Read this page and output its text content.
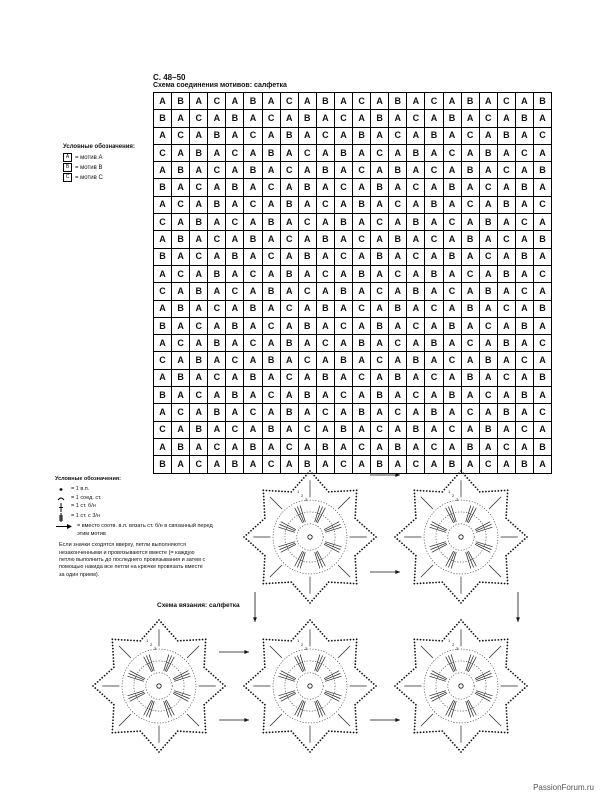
С. 48–50
Схема соединения мотивов: салфетка
A	B	A	C	A	B	A	C	A	B	A	C	A	B	A	C	A	B	A	C	A	B
B	A	C	A	B	A	C	A	B	A	C	A	B	A	C	A	B	A	C	A	B	A
A	C	A	B	A	C	A	B	A	C	A	B	A	C	A	B	A	C	A	B	A	C
C	A	B	A	C	A	B	A	C	A	B	A	C	A	B	A	C	A	B	A	C	A
A	B	A	C	A	B	A	C	A	B	A	C	A	B	A	C	A	B	A	C	A	B
B	A	C	A	B	A	C	A	B	A	C	A	B	A	C	A	B	A	C	A	B	A
A	C	A	B	A	C	A	B	A	C	A	B	A	C	A	B	A	C	A	B	A	C
C	A	B	A	C	A	B	A	C	A	B	A	C	A	B	A	C	A	B	A	C	A
A	B	A	C	A	B	A	C	A	B	A	C	A	B	A	C	A	B	A	C	A	B
B	A	C	A	B	A	C	A	B	A	C	A	B	A	C	A	B	A	C	A	B	A
A	C	A	B	A	C	A	B	A	C	A	B	A	C	A	B	A	C	A	B	A	C
C	A	B	A	C	A	B	A	C	A	B	A	C	A	B	A	C	A	B	A	C	A
A	B	A	C	A	B	A	C	A	B	A	C	A	B	A	C	A	B	A	C	A	B
B	A	C	A	B	A	C	A	B	A	C	A	B	A	C	A	B	A	C	A	B	A
A	C	A	B	A	C	A	B	A	C	A	B	A	C	A	B	A	C	A	B	A	C
C	A	B	A	C	A	B	A	C	A	B	A	C	A	B	A	C	A	B	A	C	A
A	B	A	C	A	B	A	C	A	B	A	C	A	B	A	C	A	B	A	C	A	B
B	A	C	A	B	A	C	A	B	A	C	A	B	A	C	A	B	A	C	A	B	A
A	C	A	B	A	C	A	B	A	C	A	B	A	C	A	B	A	C	A	B	A	C
C	A	B	A	C	A	B	A	C	A	B	A	C	A	B	A	C	A	B	A	C	A
A	B	A	C	A	B	A	C	A	B	A	C	A	B	A	C	A	B	A	C	A	B
B	A	C	A	B	A	C	A	B	A	C	A	B	A	C	A	B	A	C	A	B	A
Условные обозначения:
A = мотив A
B = мотив B
C = мотив C
Условные обозначения:
= 1 в.п.
= 1 соед. ст.
= 1 ст. б/н
= 1 ст. с 3/н
= вместо соотв. в.п. вязать ст. б/н в связанный перед этим мотив
Если значки сходятся вверху, петли выполняются незаконченными и провязываются вместе (= каждую петлю выполнить до последнего провязывания и затем с помощью накида все петли на крючке провязать вместе за один прием).
Схема вязания: салфетка
1
2
3
1
2
3
1
2
3
1
2
3
1
2
3
PassionForum.ru
